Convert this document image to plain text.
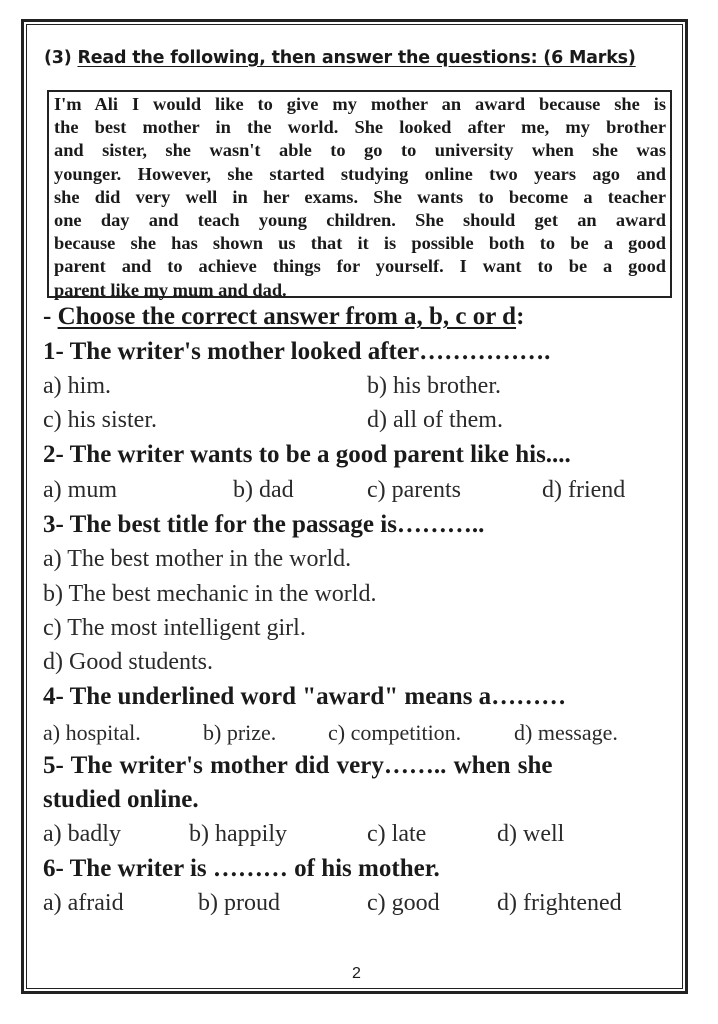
(3) Read the following, then answer the questions: (6 Marks)
I'm Ali I would like to give my mother an award because she is
the best mother in the world. She looked after me, my brother
and sister, she wasn't able to go to university when she was
younger. However, she started studying online two years ago and
she did very well in her exams. She wants to become a teacher
one day and teach young children. She should get an award
because she has shown us that it is possible both to be a good
parent and to achieve things for yourself. I want to be a good
parent like my mum and dad.
- Choose the correct answer from a, b, c or d:
1- The writer's mother looked after…………….
a) him.	b) his brother.
c) his sister.	d) all of them.
2- The writer wants to be a good parent like his....
a) mum	b) dad	c) parents	d) friend
3- The best title for the passage is………..
a) The best mother in the world.
b) The best mechanic in the world.
c) The most intelligent girl.
d) Good students.
4- The underlined word "award" means a………
a) hospital.	b) prize. c) competition. d) message.
5- The writer's mother did very…….. when she
studied online.
a) badly	b) happily	c) late	d) well
6- The writer is ……… of his mother.
a) afraid	b) proud	c) good d) frightened
2
